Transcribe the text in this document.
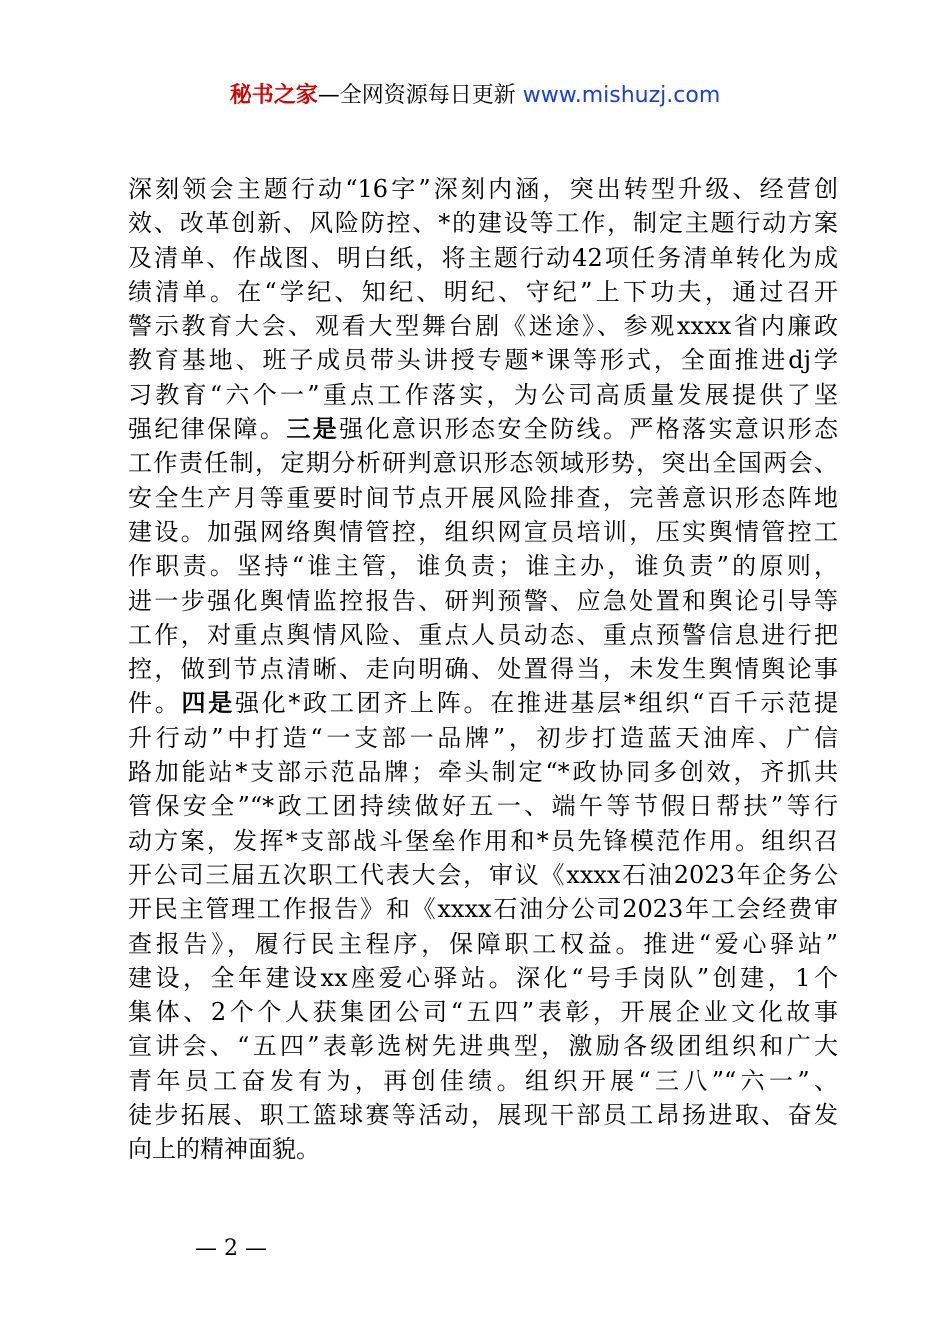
秘书之家—全网资源每日更新 www.mishuzj.com
深刻领会主题行动“16字”深刻内涵，突出转型升级、经营创
效、改革创新、风险防控、*的建设等工作，制定主题行动方案
及清单、作战图、明白纸，将主题行动42项任务清单转化为成
绩清单。在“学纪、知纪、明纪、守纪”上下功夫，通过召开
警示教育大会、观看大型舞台剧《迷途》、参观xxxx省内廉政
教育基地、班子成员带头讲授专题*课等形式，全面推进dj学
习教育“六个一”重点工作落实，为公司高质量发展提供了坚
强纪律保障。三是强化意识形态安全防线。严格落实意识形态
工作责任制，定期分析研判意识形态领域形势，突出全国两会、
安全生产月等重要时间节点开展风险排查，完善意识形态阵地
建设。加强网络舆情管控，组织网宣员培训，压实舆情管控工
作职责。坚持“谁主管，谁负责；谁主办，谁负责”的原则，
进一步强化舆情监控报告、研判预警、应急处置和舆论引导等
工作，对重点舆情风险、重点人员动态、重点预警信息进行把
控，做到节点清晰、走向明确、处置得当，未发生舆情舆论事
件。四是强化*政工团齐上阵。在推进基层*组织“百千示范提
升行动”中打造“一支部一品牌”，初步打造蓝天油库、广信
路加能站*支部示范品牌；牵头制定“*政协同多创效，齐抓共
管保安全”“*政工团持续做好五一、端午等节假日帮扶”等行
动方案，发挥*支部战斗堡垒作用和*员先锋模范作用。组织召
开公司三届五次职工代表大会，审议《xxxx石油2023年企务公
开民主管理工作报告》和《xxxx石油分公司2023年工会经费审
查报告》，履行民主程序，保障职工权益。推进“爱心驿站”
建设，全年建设xx座爱心驿站。深化“号手岗队”创建，1个
集体、2个个人获集团公司“五四”表彰，开展企业文化故事
宣讲会、“五四”表彰选树先进典型，激励各级团组织和广大
青年员工奋发有为，再创佳绩。组织开展“三八”“六一”、
徒步拓展、职工篮球赛等活动，展现干部员工昂扬进取、奋发
向上的精神面貌。
— 2 —
